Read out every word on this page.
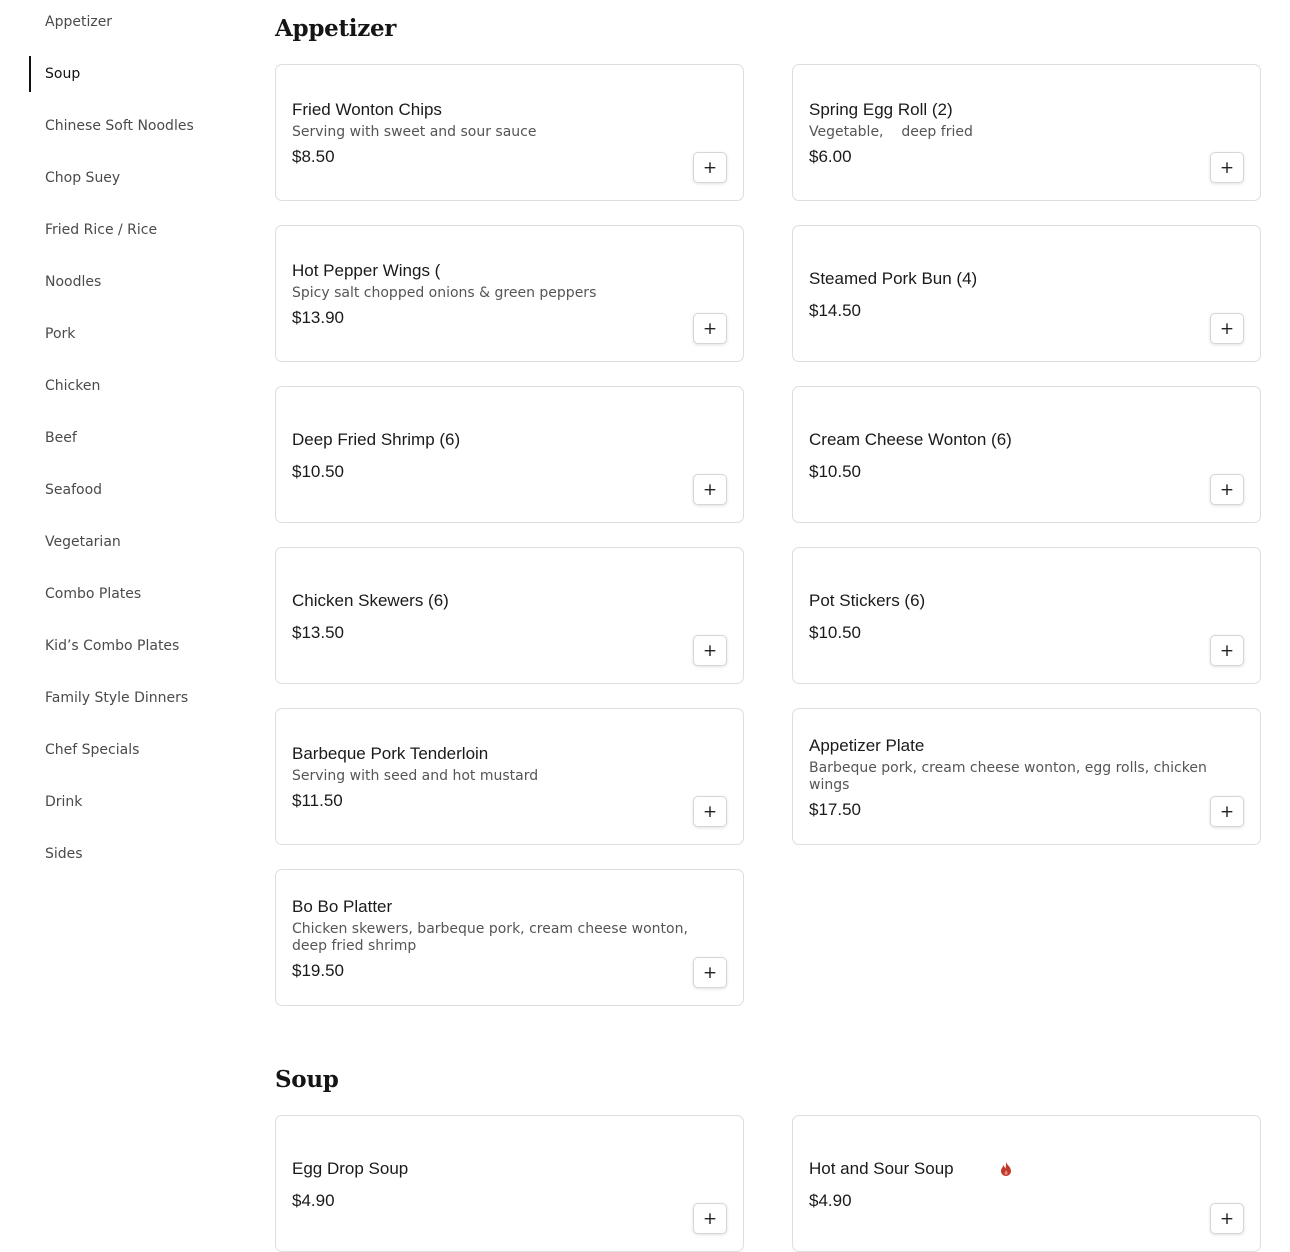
Appetizer
Soup
Chinese Soft Noodles
Chop Suey
Fried Rice / Rice
Noodles
Pork
Chicken
Beef
Seafood
Vegetarian
Combo Plates
Kid’s Combo Plates
Family Style Dinners
Chef Specials
Drink
Sides
Appetizer
Fried Wonton Chips
Serving with sweet and sour sauce
$8.50
+
Spring Egg Roll (2)
Vegetable,    deep fried
$6.00
+
Hot Pepper Wings (
Spicy salt chopped onions & green peppers
$13.90
+
Steamed Pork Bun (4)
$14.50
+
Deep Fried Shrimp (6)
$10.50
+
Cream Cheese Wonton (6)
$10.50
+
Chicken Skewers (6)
$13.50
+
Pot Stickers (6)
$10.50
+
Barbeque Pork Tenderloin
Serving with seed and hot mustard
$11.50
+
Appetizer Plate
Barbeque pork, cream cheese wonton, egg rolls, chicken wings
$17.50	+
Bo Bo Platter
Chicken skewers, barbeque pork, cream cheese wonton, deep fried shrimp
$19.50	+
Soup
Egg Drop Soup
$4.90
+
Hot and Sour Soup
$4.90
+
